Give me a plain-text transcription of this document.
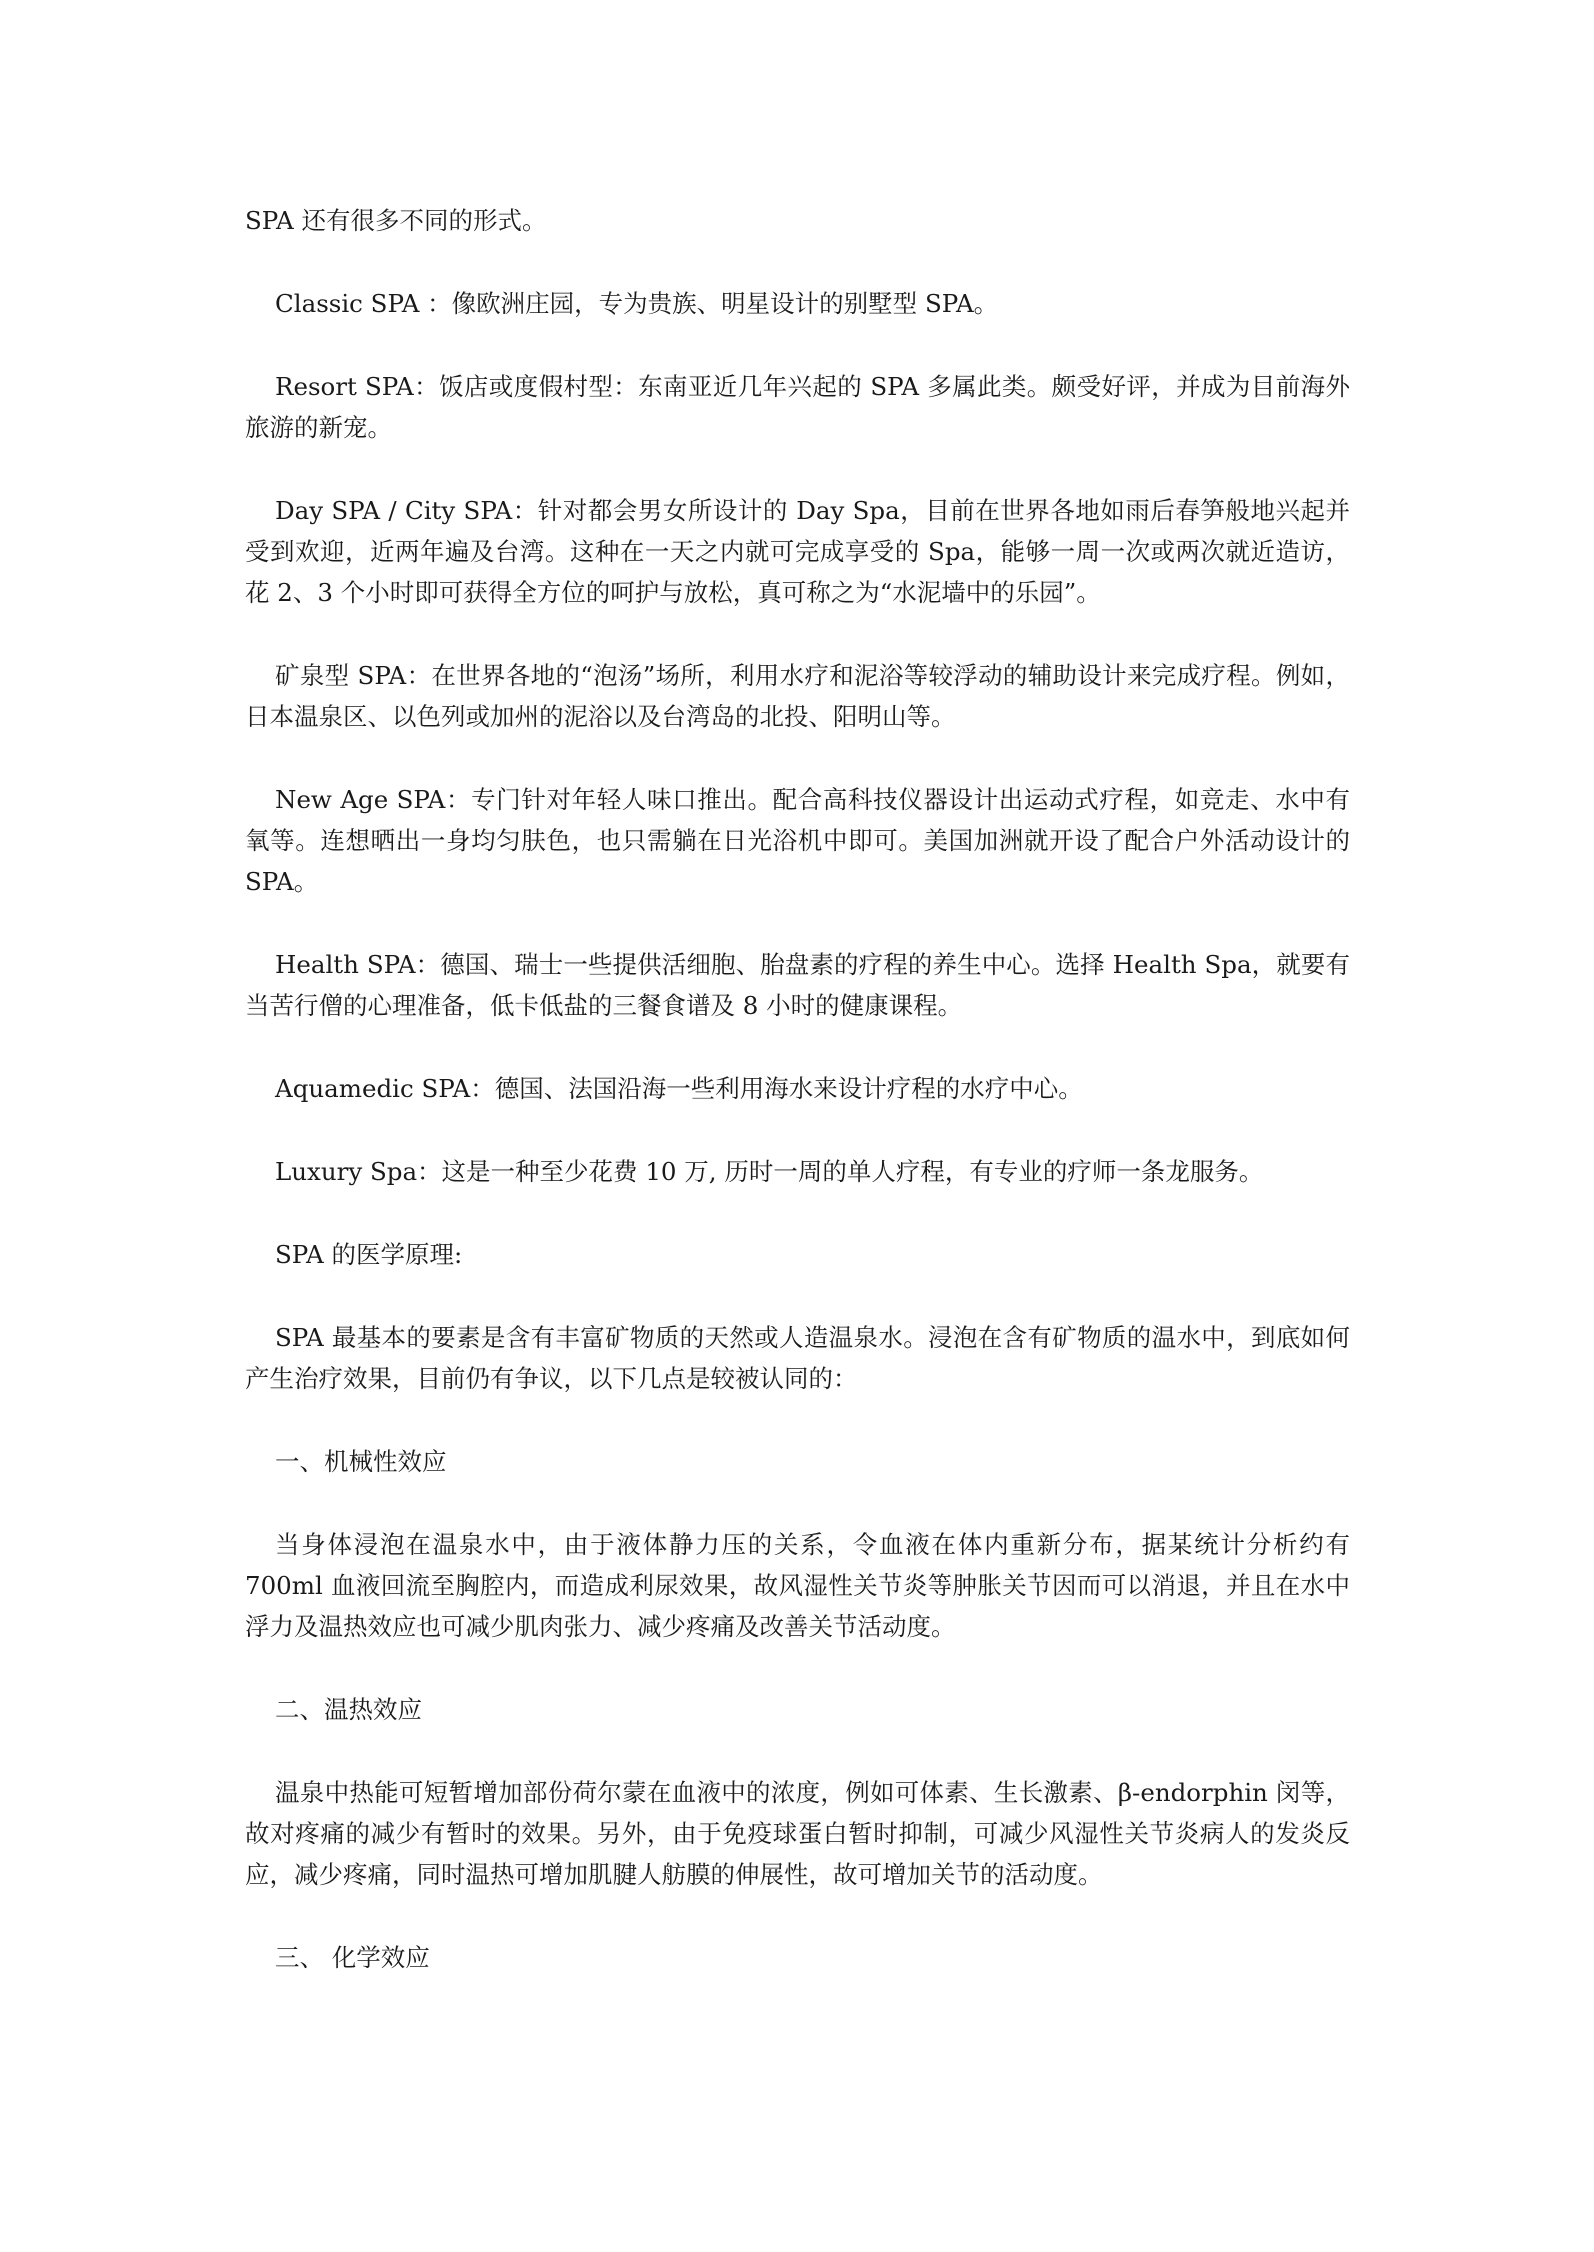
SPA 还有很多不同的形式。

Classic SPA ：像欧洲庄园，专为贵族、明星设计的别墅型 SPA。

Resort SPA：饭店或度假村型：东南亚近几年兴起的 SPA 多属此类。颇受好评，并成为目前海外旅游的新宠。

Day SPA / City SPA：针对都会男女所设计的 Day Spa，目前在世界各地如雨后春笋般地兴起并受到欢迎，近两年遍及台湾。这种在一天之内就可完成享受的 Spa，能够一周一次或两次就近造访，花 2、3 个小时即可获得全方位的呵护与放松，真可称之为“水泥墙中的乐园”。

矿泉型 SPA：在世界各地的“泡汤”场所，利用水疗和泥浴等较浮动的辅助设计来完成疗程。例如，日本温泉区、以色列或加州的泥浴以及台湾岛的北投、阳明山等。

New Age SPA：专门针对年轻人味口推出。配合高科技仪器设计出运动式疗程，如竞走、水中有氧等。连想晒出一身均匀肤色，也只需躺在日光浴机中即可。美国加洲就开设了配合户外活动设计的 SPA。

Health SPA：德国、瑞士一些提供活细胞、胎盘素的疗程的养生中心。选择 Health Spa，就要有当苦行僧的心理准备，低卡低盐的三餐食谱及 8 小时的健康课程。

Aquamedic SPA：德国、法国沿海一些利用海水来设计疗程的水疗中心。

Luxury Spa：这是一种至少花费 10 万, 历时一周的单人疗程，有专业的疗师一条龙服务。

SPA 的医学原理:

SPA 最基本的要素是含有丰富矿物质的天然或人造温泉水。浸泡在含有矿物质的温水中，到底如何产生治疗效果，目前仍有争议，以下几点是较被认同的：

一、机械性效应

当身体浸泡在温泉水中，由于液体静力压的关系，令血液在体内重新分布，据某统计分析约有 700ml 血液回流至胸腔内，而造成利尿效果，故风湿性关节炎等肿胀关节因而可以消退，并且在水中浮力及温热效应也可减少肌肉张力、减少疼痛及改善关节活动度。

二、温热效应

温泉中热能可短暂增加部份荷尔蒙在血液中的浓度，例如可体素、生长激素、β-endorphin 闵等，故对疼痛的减少有暂时的效果。另外，由于免疫球蛋白暂时抑制，可减少风湿性关节炎病人的发炎反应，减少疼痛，同时温热可增加肌腱人舫膜的伸展性，故可增加关节的活动度。

三、 化学效应
